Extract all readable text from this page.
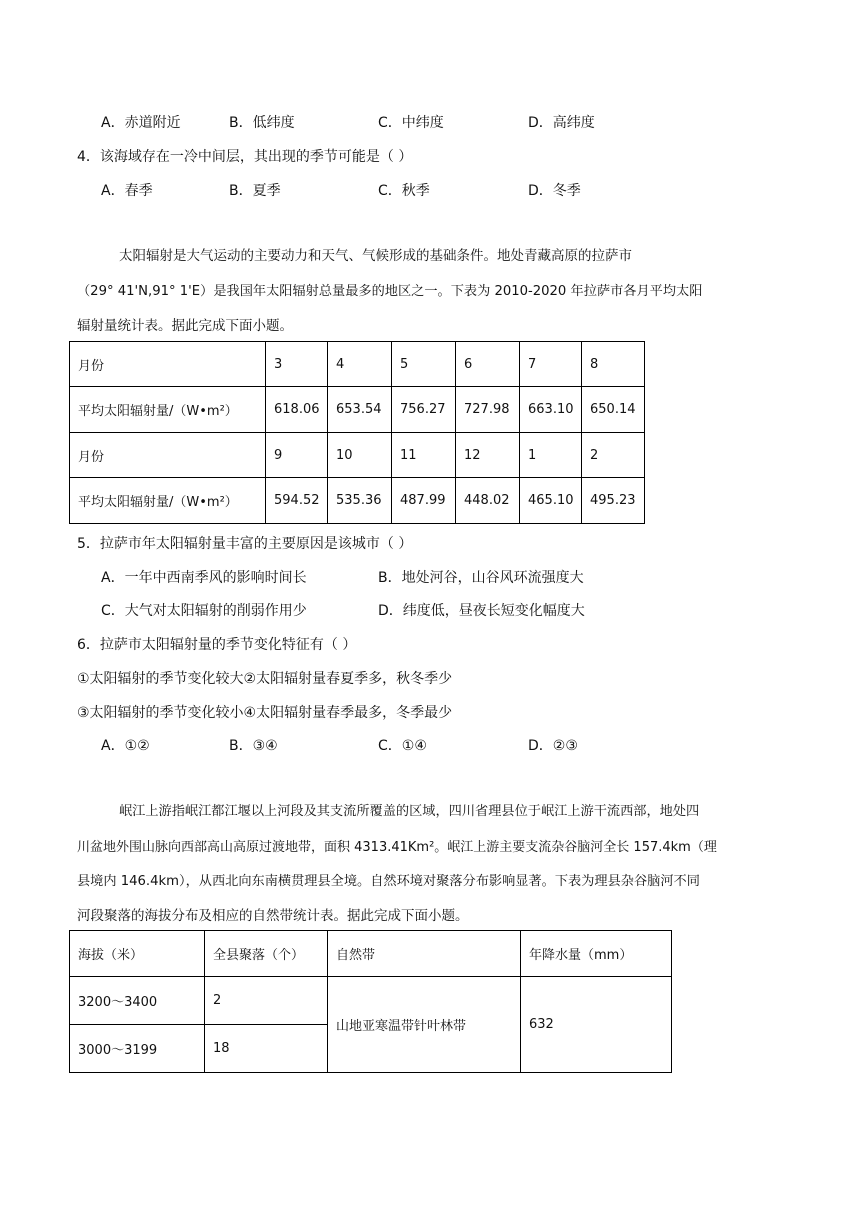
A．赤道附近	B．低纬度	C．中纬度	D．高纬度
4．该海域存在一冷中间层，其出现的季节可能是（ ）
A．春季	B．夏季	C．秋季	D．冬季
太阳辐射是大气运动的主要动力和天气、气候形成的基础条件。地处青藏高原的拉萨市
（29° 41'N,91° 1'E）是我国年太阳辐射总量最多的地区之一。下表为 2010-2020 年拉萨市各月平均太阳
辐射量统计表。据此完成下面小题。
月份	3	4	5	6	7	8
平均太阳辐射量/（W•m²）	618.06	653.54	756.27	727.98	663.10	650.14
月份	9	10	11	12	1	2
平均太阳辐射量/（W•m²）	594.52	535.36	487.99	448.02	465.10	495.23
5．拉萨市年太阳辐射量丰富的主要原因是该城市（ ）
A．一年中西南季风的影响时间长	B．地处河谷，山谷风环流强度大
C．大气对太阳辐射的削弱作用少	D．纬度低，昼夜长短变化幅度大
6．拉萨市太阳辐射量的季节变化特征有（ ）
①太阳辐射的季节变化较大②太阳辐射量春夏季多，秋冬季少
③太阳辐射的季节变化较小④太阳辐射量春季最多，冬季最少
A．①②	B．③④	C．①④	D．②③
岷江上游指岷江都江堰以上河段及其支流所覆盖的区域，四川省理县位于岷江上游干流西部，地处四
川盆地外围山脉向西部高山高原过渡地带，面积 4313.41Km²。岷江上游主要支流杂谷脑河全长 157.4km（理
县境内 146.4km），从西北向东南横贯理县全境。自然环境对聚落分布影响显著。下表为理县杂谷脑河不同
河段聚落的海拔分布及相应的自然带统计表。据此完成下面小题。
海拔（米）	全县聚落（个）	自然带	年降水量（mm）
3200～3400	2	山地亚寒温带针叶林带	632
3000～3199	18		
